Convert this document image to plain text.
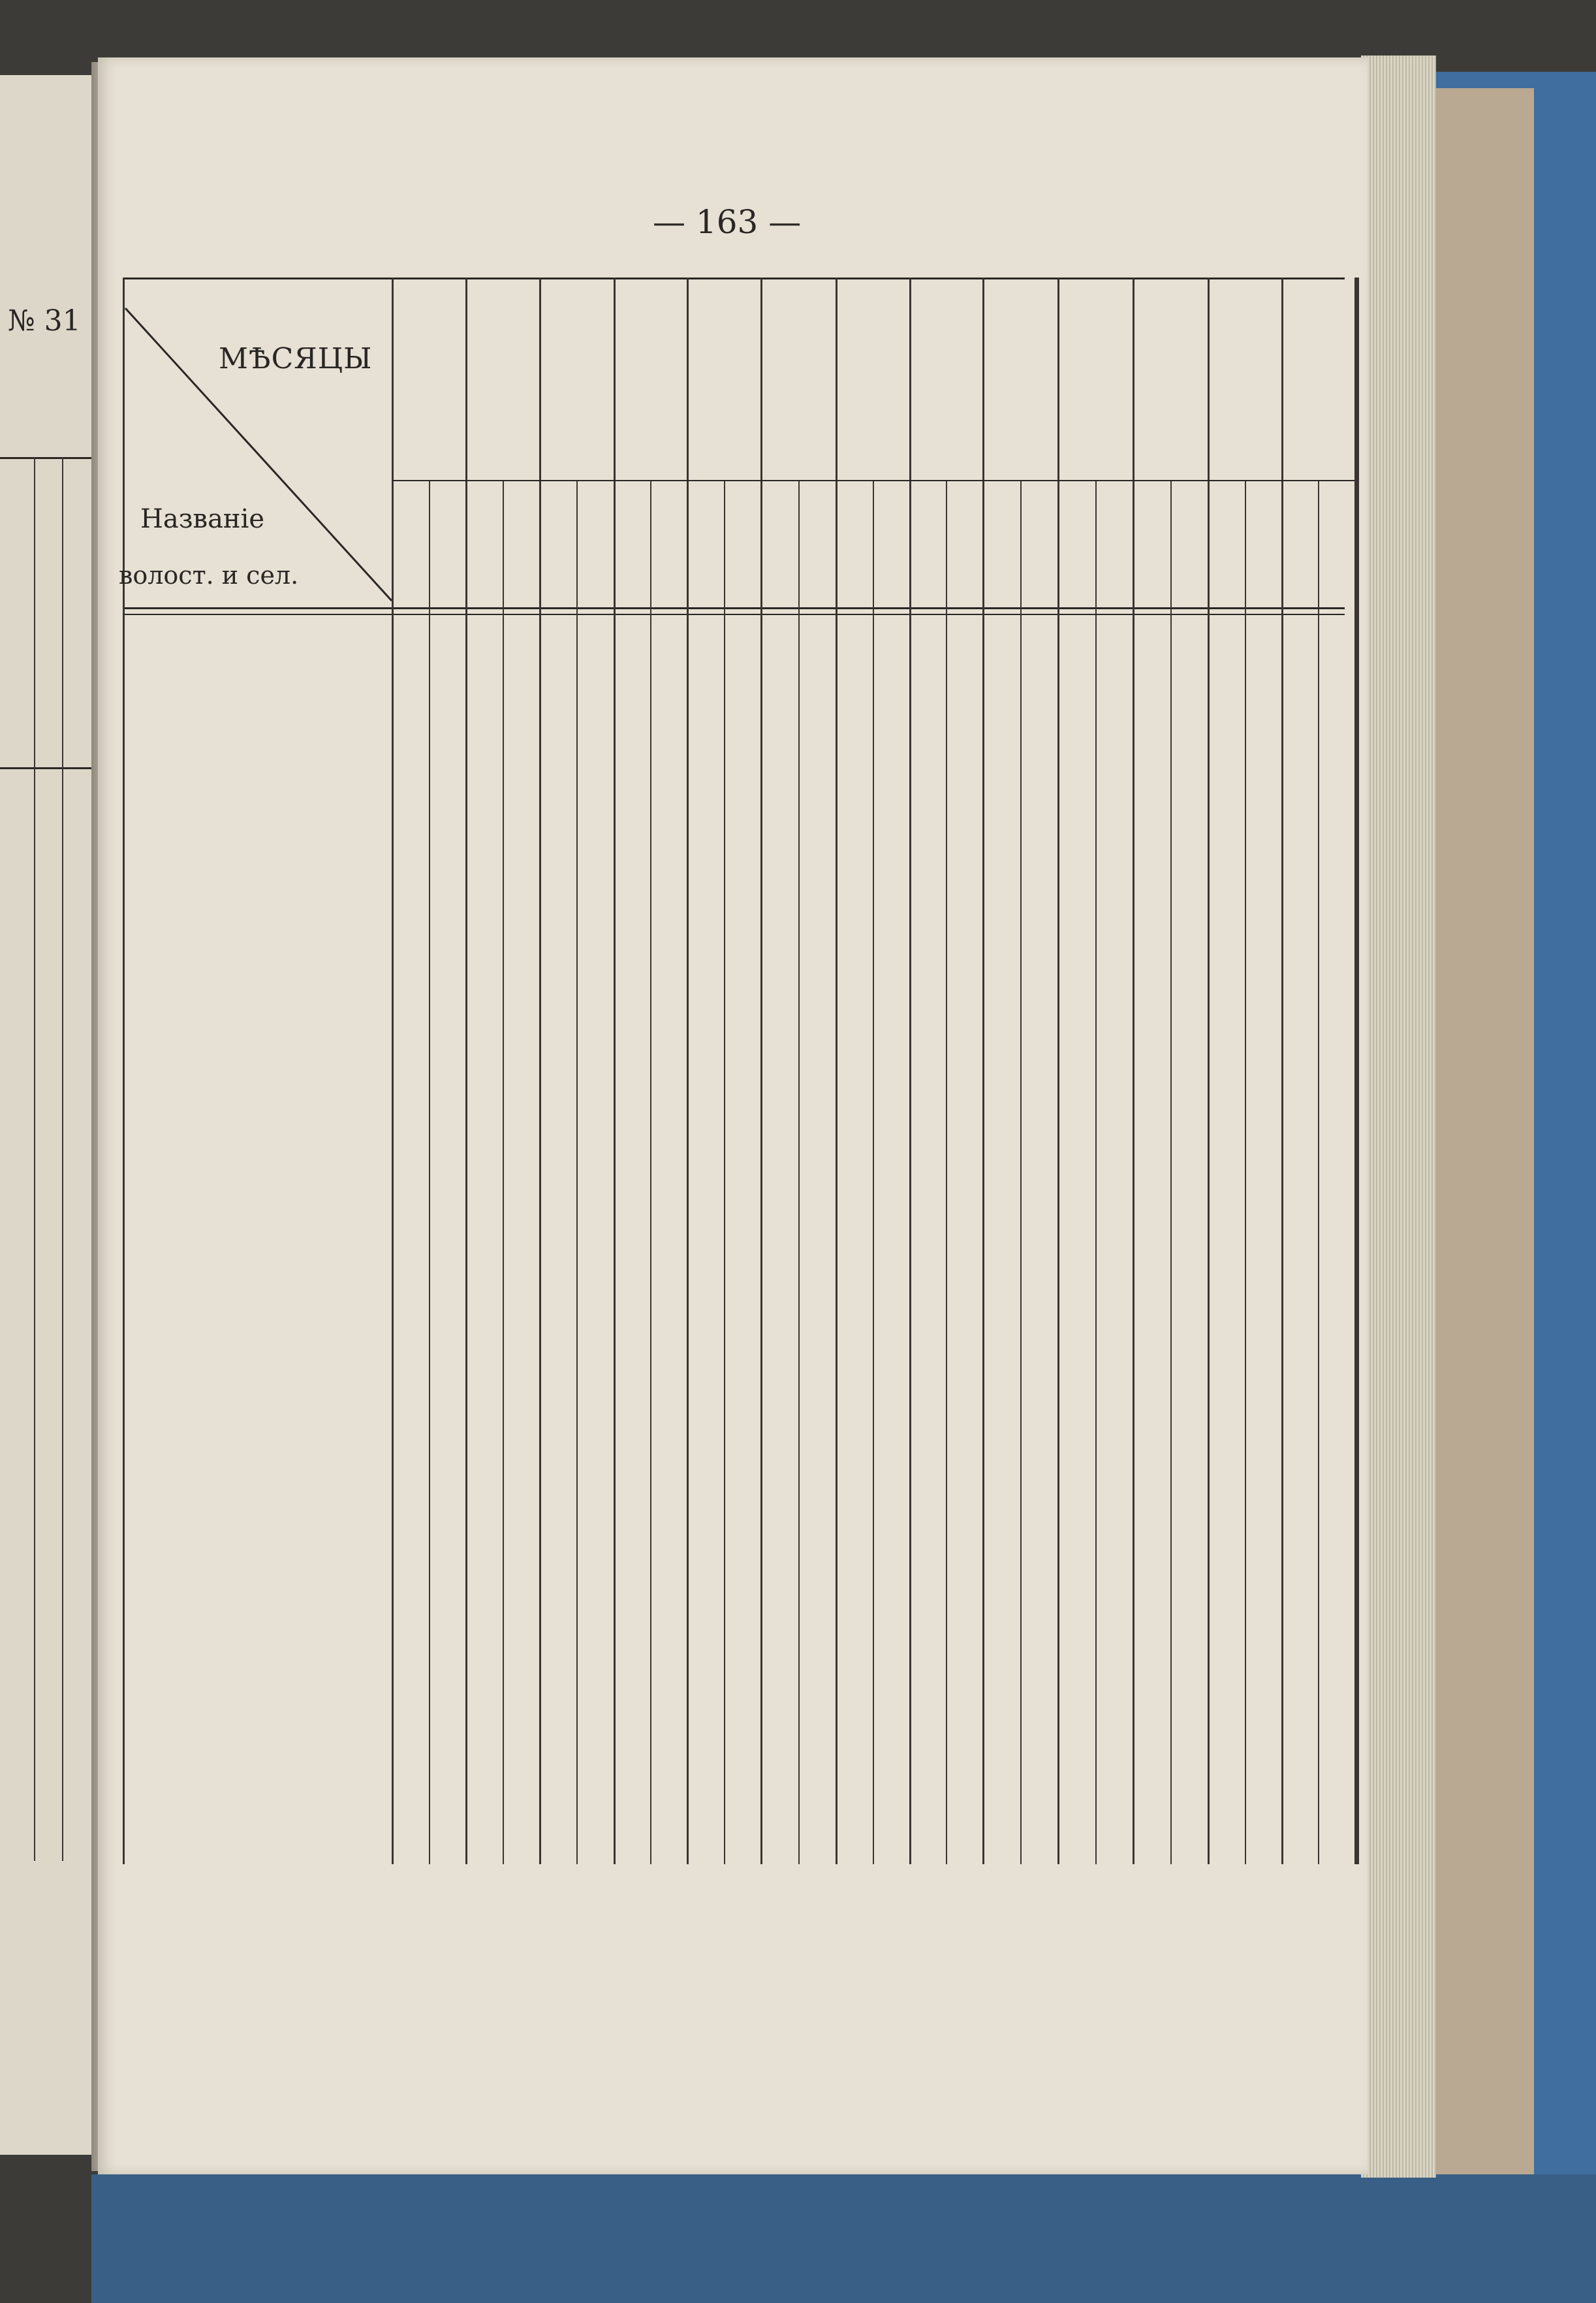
№ 31
— 163 —
МѢСЯЦЫ
Названіе
волост. и сел.
